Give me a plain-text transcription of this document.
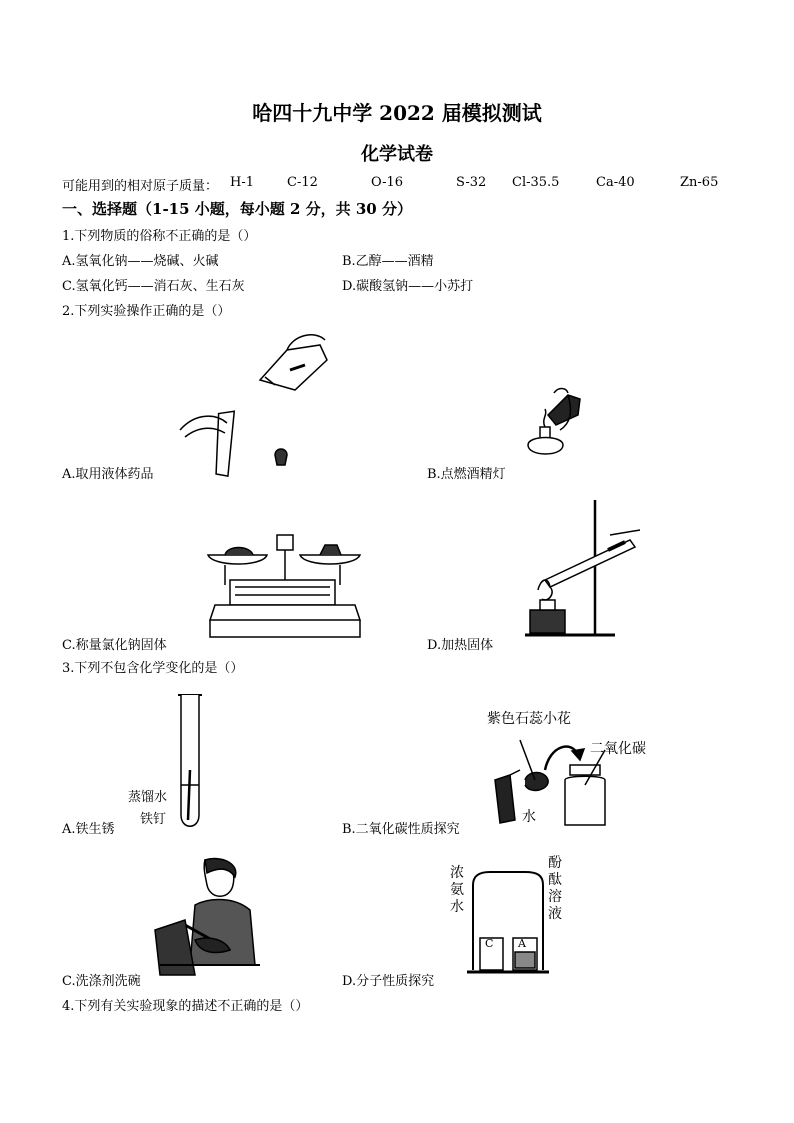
哈四十九中学 2022 届模拟测试
化学试卷
可能用到的相对原子质量： H-1	C-12	O-16	S-32 Cl-35.5	Ca-40	Zn-65
一、选择题（1-15 小题，每小题 2 分，共 30 分）
1.下列物质的俗称不正确的是（）
A.氢氧化钠——烧碱、火碱	B.乙醇——酒精
C.氢氧化钙——消石灰、生石灰	D.碳酸氢钠——小苏打
2.下列实验操作正确的是（）
A.取用液体药品	B.点燃酒精灯
C.称量氯化钠固体	D.加热固体
3.下列不包含化学变化的是（）
蒸馏水
铁钉
A.铁生锈
紫色石蕊小花
二氧化碳
水
B.二氧化碳性质探究
C.洗涤剂洗碗
C A
浓氨水
酚酞溶液
D.分子性质探究
4.下列有关实验现象的描述不正确的是（）
